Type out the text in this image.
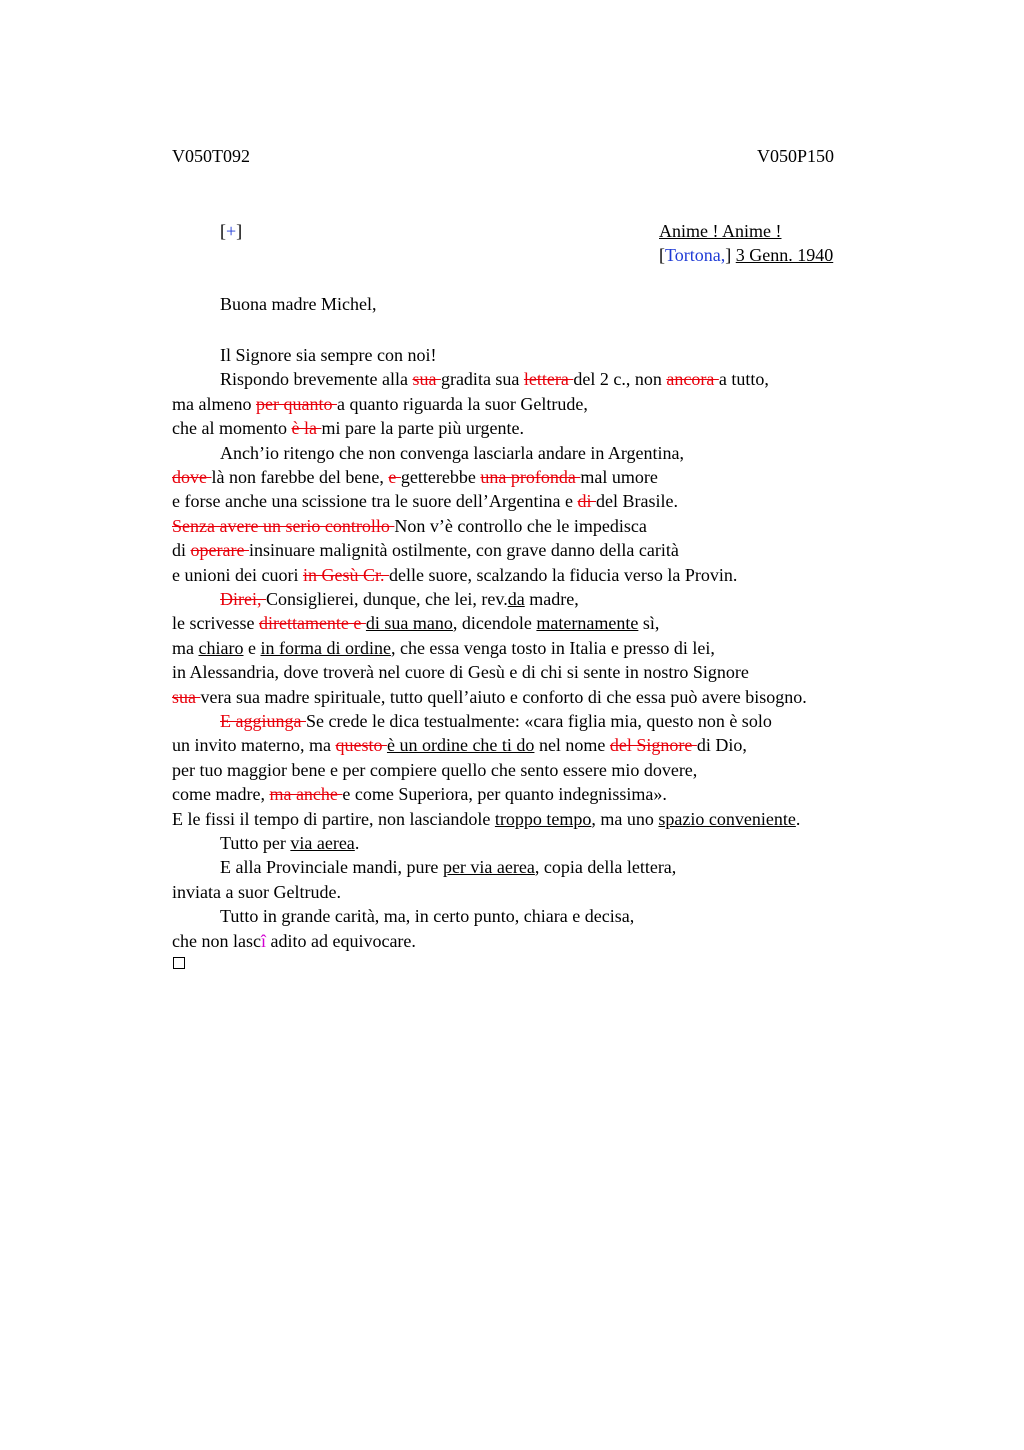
V050T092	V050P150
[+]	Anime ! Anime !
[Tortona,] 3 Genn. 1940
Buona madre Michel,
Il Signore sia sempre con noi!
Rispondo brevemente alla sua gradita sua lettera del 2 c., non ancora a tutto,
ma almeno per quanto a quanto riguarda la suor Geltrude,
che al momento è la mi pare la parte più urgente.
Anch’io ritengo che non convenga lasciarla andare in Argentina,
dove là non farebbe del bene, e getterebbe una profonda mal umore
e forse anche una scissione tra le suore dell’Argentina e di del Brasile.
Senza avere un serio controllo Non v’è controllo che le impedisca
di operare insinuare malignità ostilmente, con grave danno della carità
e unioni dei cuori in Gesù Cr. delle suore, scalzando la fiducia verso la Provin.
Direi, Consiglierei, dunque, che lei, rev.da madre,
le scrivesse direttamente e di sua mano, dicendole maternamente sì,
ma chiaro e in forma di ordine, che essa venga tosto in Italia e presso di lei,
in Alessandria, dove troverà nel cuore di Gesù e di chi si sente in nostro Signore
sua vera sua madre spirituale, tutto quell’aiuto e conforto di che essa può avere bisogno.
E aggiunga Se crede le dica testualmente: «cara figlia mia, questo non è solo
un invito materno, ma questo è un ordine che ti do nel nome del Signore di Dio,
per tuo maggior bene e per compiere quello che sento essere mio dovere,
come madre, ma anche e come Superiora, per quanto indegnissima».
E le fissi il tempo di partire, non lasciandole troppo tempo, ma uno spazio conveniente.
Tutto per via aerea.
E alla Provinciale mandi, pure per via aerea, copia della lettera,
inviata a suor Geltrude.
Tutto in grande carità, ma, in certo punto, chiara e decisa,
che non lascî adito ad equivocare.
